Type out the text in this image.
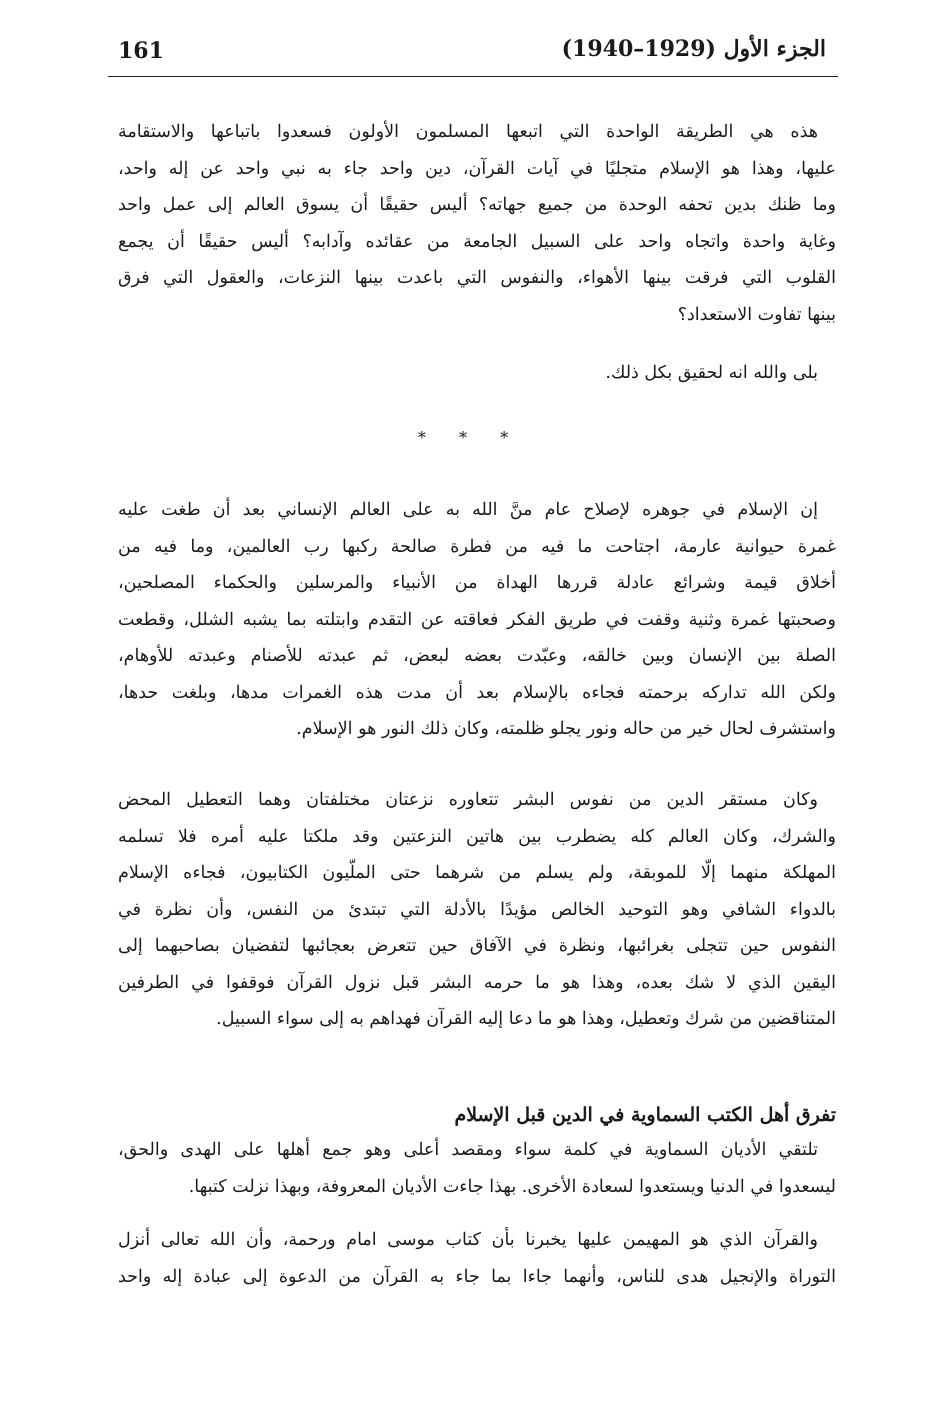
161	الجزء الأول (1929–1940)
هذه هي الطريقة الواحدة التي اتبعها المسلمون الأولون فسعدوا باتباعها والاستقامة
عليها، وهذا هو الإسلام متجليًا في آيات القرآن، دين واحد جاء به نبي واحد عن إله واحد،
وما ظنك بدين تحفه الوحدة من جميع جهاته؟ أليس حقيقًا أن يسوق العالم إلى عمل واحد
وغاية واحدة واتجاه واحد على السبيل الجامعة من عقائده وآدابه؟ أليس حقيقًا أن يجمع
القلوب التي فرقت بينها الأهواء، والنفوس التي باعدت بينها النزعات، والعقول التي فرق
بينها تفاوت الاستعداد؟
بلى والله انه لحقيق بكل ذلك.
* * *
إن الإسلام في جوهره لإصلاح عام منَّ الله به على العالم الإنساني بعد أن طغت عليه
غمرة حيوانية عارمة، اجتاحت ما فيه من فطرة صالحة ركبها رب العالمين، وما فيه من
أخلاق قيمة وشرائع عادلة قررها الهداة من الأنبياء والمرسلين والحكماء المصلحين،
وصحبتها غمرة وثنية وقفت في طريق الفكر فعاقته عن التقدم وابتلته بما يشبه الشلل، وقطعت
الصلة بين الإنسان وبين خالقه، وعبّدت بعضه لبعض، ثم عبدته للأصنام وعبدته للأوهام،
ولكن الله تداركه برحمته فجاءه بالإسلام بعد أن مدت هذه الغمرات مدها، وبلغت حدها،
واستشرف لحال خير من حاله ونور يجلو ظلمته، وكان ذلك النور هو الإسلام.
وكان مستقر الدين من نفوس البشر تتعاوره نزعتان مختلفتان وهما التعطيل المحض
والشرك، وكان العالم كله يضطرب بين هاتين النزعتين وقد ملكتا عليه أمره فلا تسلمه
المهلكة منهما إلّا للموبقة، ولم يسلم من شرهما حتى الملّيون الكتابيون، فجاءه الإسلام
بالدواء الشافي وهو التوحيد الخالص مؤيدًا بالأدلة التي تبتدئ من النفس، وأن نظرة في
النفوس حين تتجلى بغرائبها، ونظرة في الآفاق حين تتعرض بعجائبها لتفضيان بصاحبهما إلى
اليقين الذي لا شك بعده، وهذا هو ما حرمه البشر قبل نزول القرآن فوقفوا في الطرفين
المتناقضين من شرك وتعطيل، وهذا هو ما دعا إليه القرآن فهداهم به إلى سواء السبيل.
تفرق أهل الكتب السماوية في الدين قبل الإسلام
تلتقي الأديان السماوية في كلمة سواء ومقصد أعلى وهو جمع أهلها على الهدى والحق،
ليسعدوا في الدنيا ويستعدوا لسعادة الأخرى. بهذا جاءت الأديان المعروفة، وبهذا نزلت كتبها.
والقرآن الذي هو المهيمن عليها يخبرنا بأن كتاب موسى امام ورحمة، وأن الله تعالى أنزل
التوراة والإنجيل هدى للناس، وأنهما جاءا بما جاء به القرآن من الدعوة إلى عبادة إله واحد
